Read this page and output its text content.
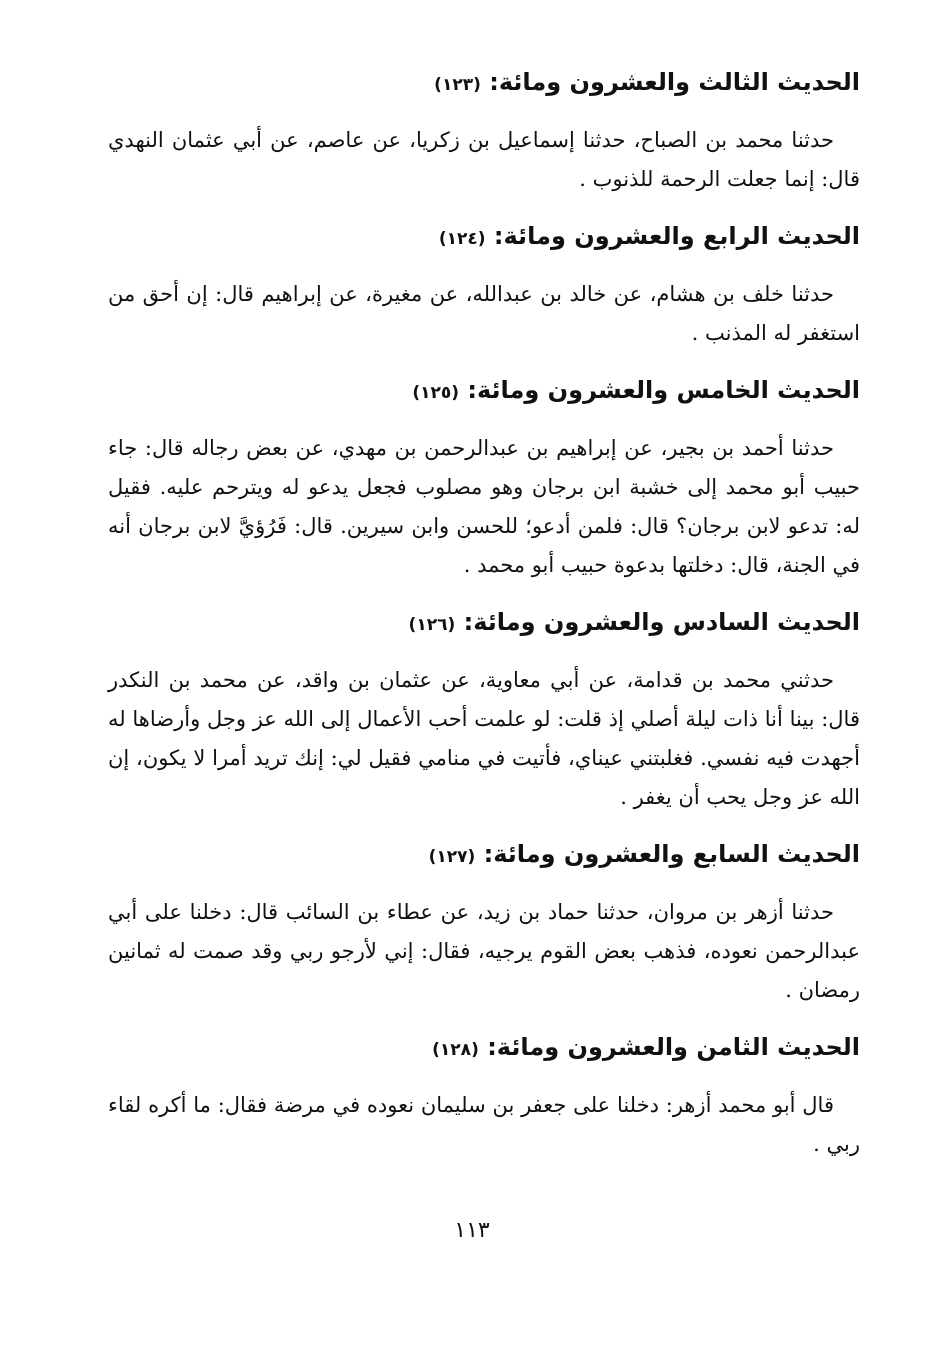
الحديث الثالث والعشرون ومائة: (١٢٣)

حدثنا محمد بن الصباح، حدثنا إسماعيل بن زكريا، عن عاصم، عن أبي عثمان النهدي قال: إنما جعلت الرحمة للذنوب .

الحديث الرابع والعشرون ومائة: (١٢٤)

حدثنا خلف بن هشام، عن خالد بن عبدالله، عن مغيرة، عن إبراهيم قال: إن أحق من استغفر له المذنب .

الحديث الخامس والعشرون ومائة: (١٢٥)

حدثنا أحمد بن بجير، عن إبراهيم بن عبدالرحمن بن مهدي، عن بعض رجاله قال: جاء حبيب أبو محمد إلى خشبة ابن برجان وهو مصلوب فجعل يدعو له ويترحم عليه. فقيل له: تدعو لابن برجان؟ قال: فلمن أدعو؛ للحسن وابن سيرين. قال: فَرُؤيَّ لابن برجان أنه في الجنة، قال: دخلتها بدعوة حبيب أبو محمد .

الحديث السادس والعشرون ومائة: (١٢٦)

حدثني محمد بن قدامة، عن أبي معاوية، عن عثمان بن واقد، عن محمد بن النكدر قال: بينا أنا ذات ليلة أصلي إذ قلت: لو علمت أحب الأعمال إلى الله عز وجل وأرضاها له أجهدت فيه نفسي. فغلبتني عيناي، فأتيت في منامي فقيل لي: إنك تريد أمرا لا يكون، إن الله عز وجل يحب أن يغفر .

الحديث السابع والعشرون ومائة: (١٢٧)

حدثنا أزهر بن مروان، حدثنا حماد بن زيد، عن عطاء بن السائب قال: دخلنا على أبي عبدالرحمن نعوده، فذهب بعض القوم يرجيه، فقال: إني لأرجو ربي وقد صمت له ثمانين رمضان .

الحديث الثامن والعشرون ومائة: (١٢٨)

قال أبو محمد أزهر: دخلنا على جعفر بن سليمان نعوده في مرضة فقال: ما أكره لقاء ربي .

١١٣
